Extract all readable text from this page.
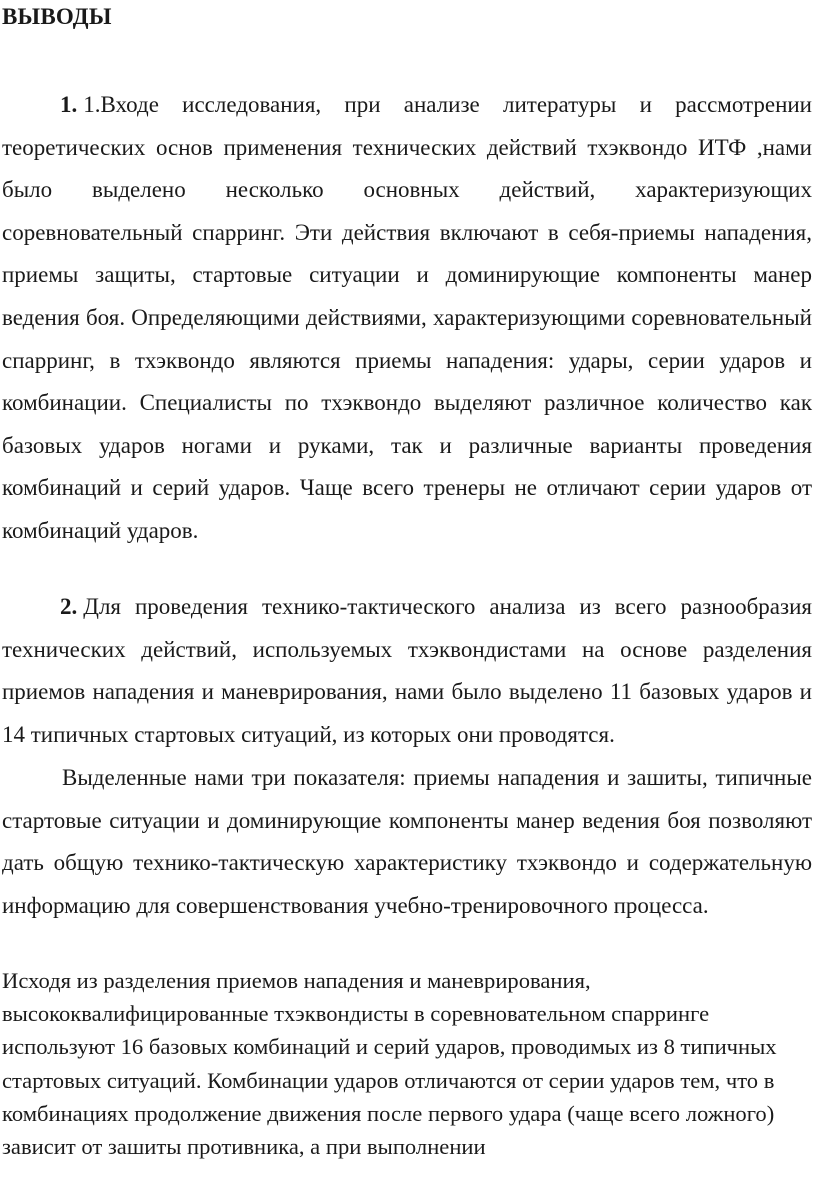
ВЫВОДЫ
1. 1.Входе исследования, при анализе литературы и рассмотрении теоретических основ применения технических действий тхэквондо ИТФ ,нами было выделено несколько основных действий, характеризующих соревновательный спарринг. Эти действия включают в себя-приемы нападения, приемы защиты, стартовые ситуации и доминирующие компоненты манер ведения боя. Определяющими действиями, характеризующими соревновательный спарринг, в тхэквондо являются приемы нападения: удары, серии ударов и комбинации. Специалисты по тхэквондо выделяют различное количество как базовых ударов ногами и руками, так и различные варианты проведения комбинаций и серий ударов. Чаще всего тренеры не отличают серии ударов от комбинаций ударов.
2. Для проведения технико-тактического анализа из всего разнообразия технических действий, используемых тхэквондистами на основе разделения приемов нападения и маневрирования, нами было выделено 11 базовых ударов и 14 типичных стартовых ситуаций, из которых они проводятся.
Выделенные нами три показателя: приемы нападения и зашиты, типичные стартовые ситуации и доминирующие компоненты манер ведения боя позволяют дать общую технико-тактическую характеристику тхэквондо и содержательную информацию для совершенствования учебно-тренировочного процесса.
Исходя из разделения приемов нападения и маневрирования, высококвалифицированные тхэквондисты в соревновательном спарринге используют 16 базовых комбинаций и серий ударов, проводимых из 8 типичных стартовых ситуаций. Комбинации ударов отличаются от серии ударов тем, что в комбинациях продолжение движения после первого удара (чаще всего ложного) зависит от зашиты противника, а при выполнении
